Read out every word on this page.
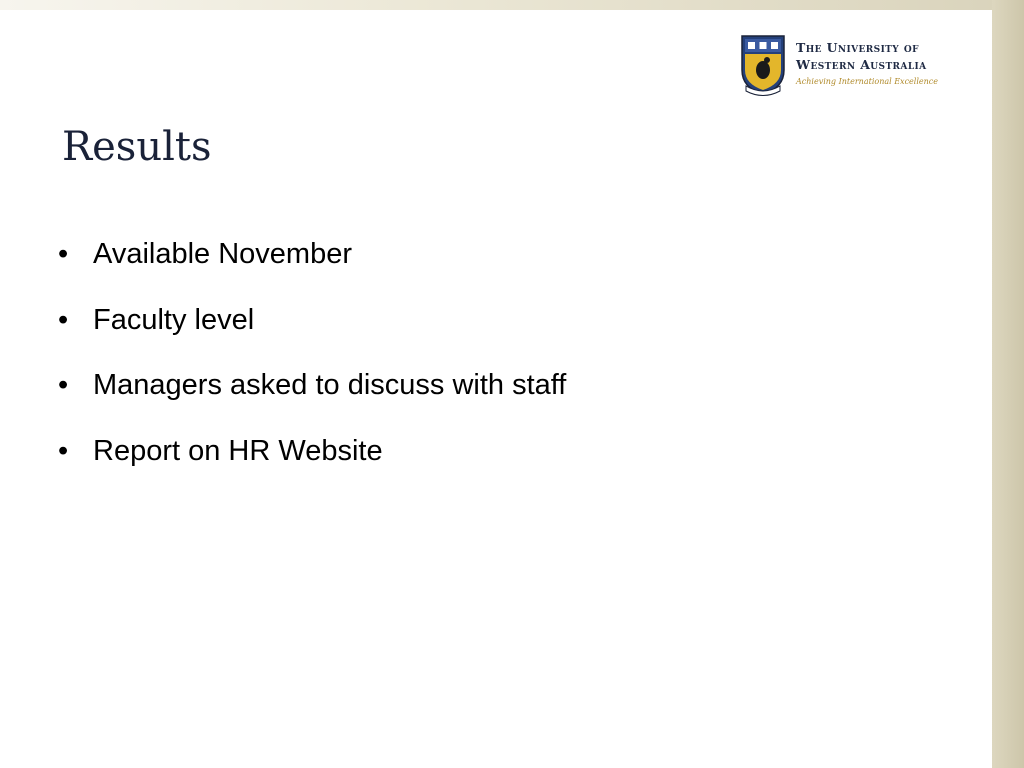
The University of
Western Australia
Achieving International Excellence
Results
• Available November
• Faculty level
• Managers asked to discuss with staff
• Report on HR Website
